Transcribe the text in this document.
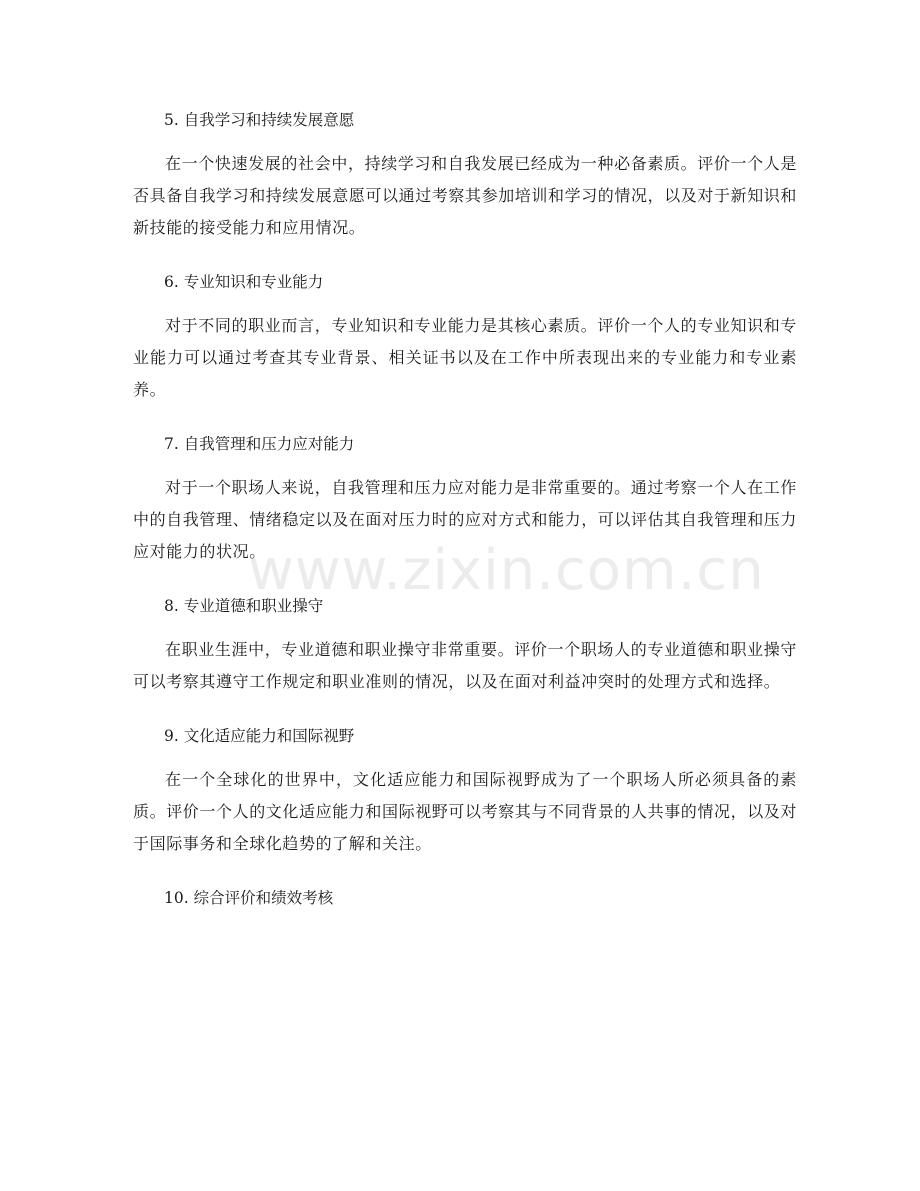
5. 自我学习和持续发展意愿

在一个快速发展的社会中，持续学习和自我发展已经成为一种必备素质。评价一个人是否具备自我学习和持续发展意愿可以通过考察其参加培训和学习的情况，以及对于新知识和新技能的接受能力和应用情况。

6. 专业知识和专业能力

对于不同的职业而言，专业知识和专业能力是其核心素质。评价一个人的专业知识和专业能力可以通过考查其专业背景、相关证书以及在工作中所表现出来的专业能力和专业素养。

7. 自我管理和压力应对能力

对于一个职场人来说，自我管理和压力应对能力是非常重要的。通过考察一个人在工作中的自我管理、情绪稳定以及在面对压力时的应对方式和能力，可以评估其自我管理和压力应对能力的状况。

8. 专业道德和职业操守

在职业生涯中，专业道德和职业操守非常重要。评价一个职场人的专业道德和职业操守可以考察其遵守工作规定和职业准则的情况，以及在面对利益冲突时的处理方式和选择。

9. 文化适应能力和国际视野

在一个全球化的世界中，文化适应能力和国际视野成为了一个职场人所必须具备的素质。评价一个人的文化适应能力和国际视野可以考察其与不同背景的人共事的情况，以及对于国际事务和全球化趋势的了解和关注。

10. 综合评价和绩效考核
www.zixin.com.cn
